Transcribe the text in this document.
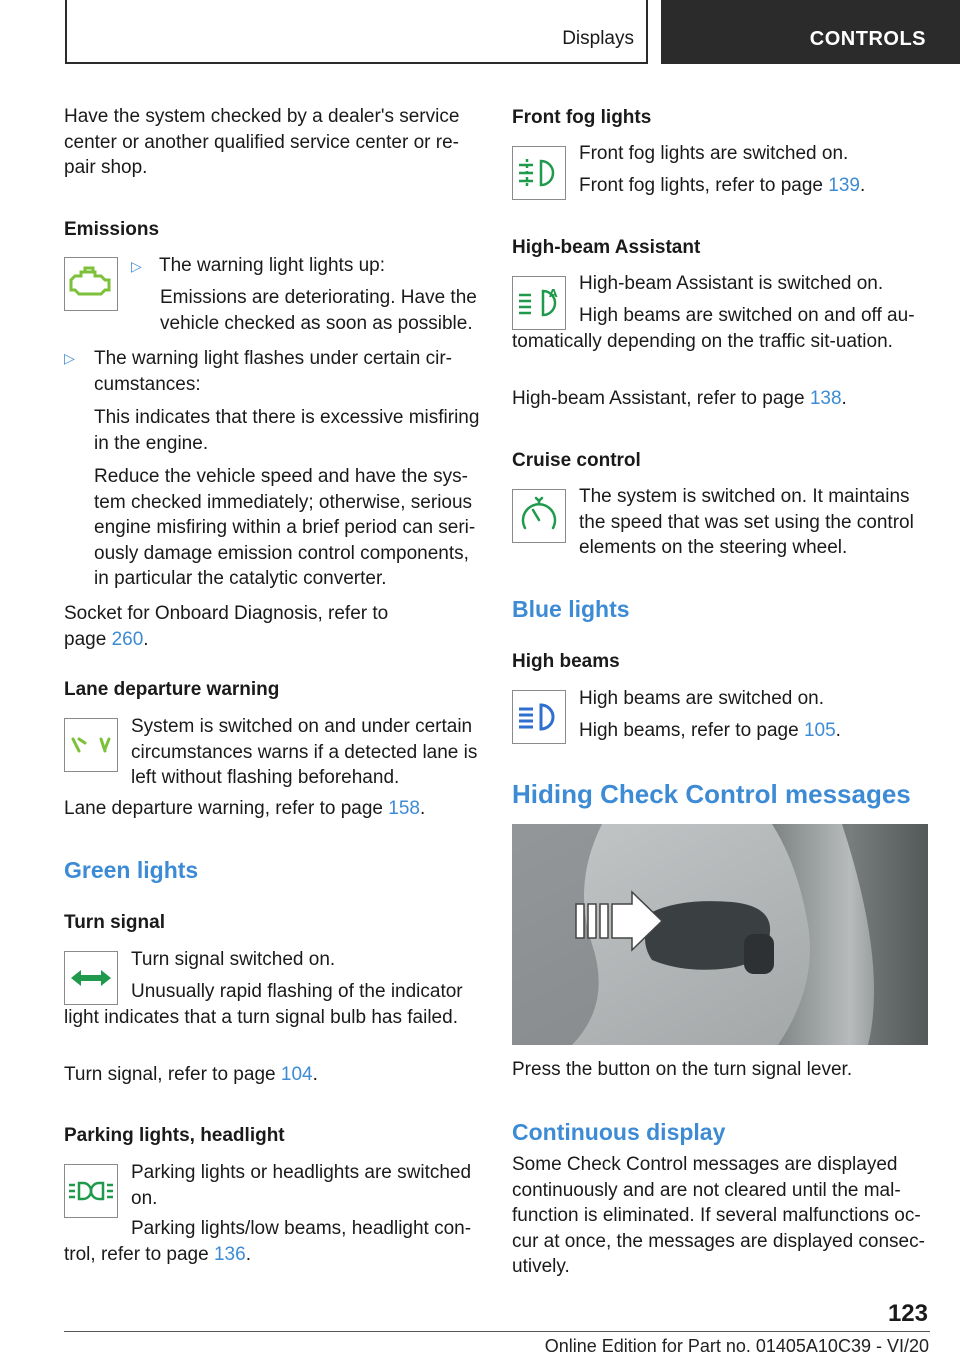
Displays	CONTROLS

Have the system checked by a dealer's service center or another qualified service center or re-pair shop.

Emissions

▷ The warning light lights up:

Emissions are deteriorating. Have the vehicle checked as soon as possible.

▷	The warning light flashes under certain cir-cumstances:

This indicates that there is excessive misfiring in the engine.

Reduce the vehicle speed and have the sys-tem checked immediately; otherwise, serious engine misfiring within a brief period can seri-ously damage emission control components, in particular the catalytic converter.

Socket for Onboard Diagnosis, refer to page 260.

Lane departure warning

System is switched on and under certain circumstances warns if a detected lane is left without flashing beforehand.

Lane departure warning, refer to page 158.

Green lights
Turn signal

Turn signal switched on.

Unusually rapid flashing of the indicator light indicates that a turn signal bulb has failed.

Turn signal, refer to page 104.

Parking lights, headlight

Parking lights or headlights are switched on.

Parking lights/low beams, headlight con-trol, refer to page 136.

Front fog lights

Front fog lights are switched on.

Front fog lights, refer to page 139.

High-beam Assistant
A High-beam Assistant is switched on.

High beams are switched on and off au-tomatically depending on the traffic sit-uation.

High-beam Assistant, refer to page 138.

Cruise control

The system is switched on. It maintains the speed that was set using the control elements on the steering wheel.

Blue lights
High beams

High beams are switched on.

High beams, refer to page 105.

Hiding Check Control messages

Press the button on the turn signal lever.

Continuous display

Some Check Control messages are displayed continuously and are not cleared until the mal-function is eliminated. If several malfunctions oc-cur at once, the messages are displayed consec-utively.

123
Online Edition for Part no. 01405A10C39 - VI/20
